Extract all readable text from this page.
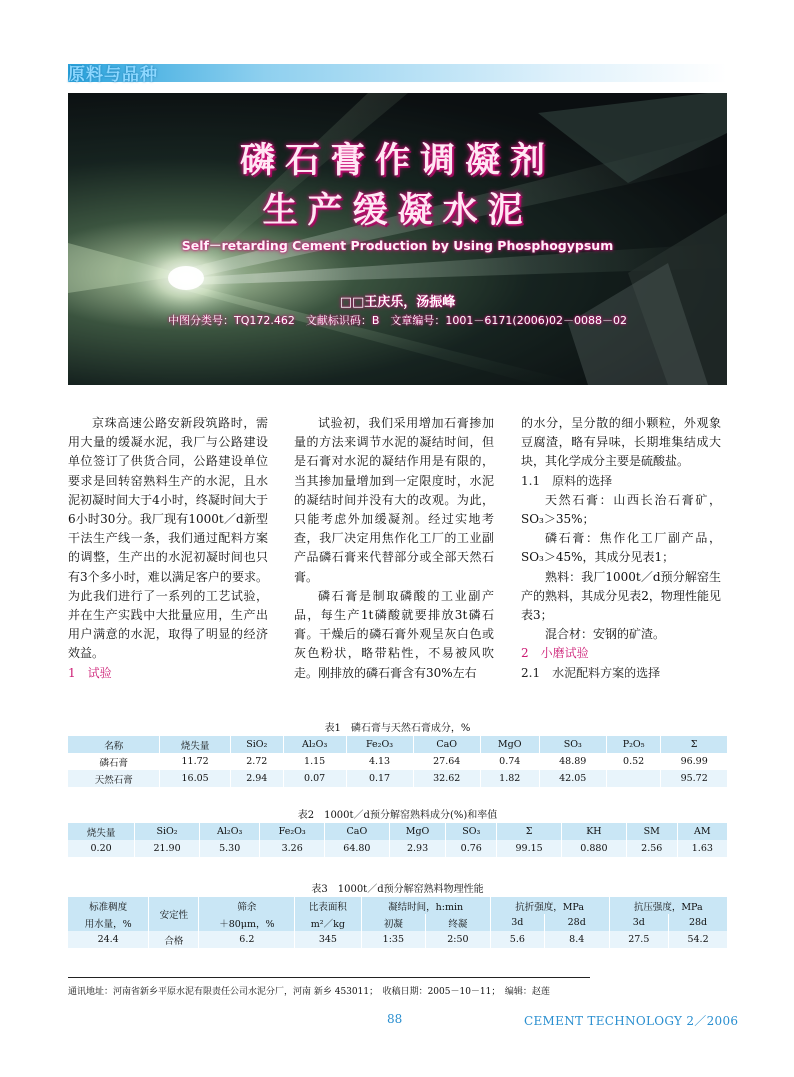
原料与品种
磷石膏作调凝剂
生产缓凝水泥
Self－retarding Cement Production by Using Phosphogypsum
□□王庆乐，汤振峰
中图分类号：TQ172.462　文献标识码：B　文章编号：1001－6171(2006)02－0088－02

京珠高速公路安新段筑路时，需用大量的缓凝水泥，我厂与公路建设单位签订了供货合同，公路建设单位要求是回转窑熟料生产的水泥，且水泥初凝时间大于4小时，终凝时间大于6小时30分。我厂现有1000t／d新型干法生产线一条，我们通过配料方案的调整，生产出的水泥初凝时间也只有3个多小时，难以满足客户的要求。为此我们进行了一系列的工艺试验，并在生产实践中大批量应用，生产出用户满意的水泥，取得了明显的经济效益。

1　试验

试验初，我们采用增加石膏掺加量的方法来调节水泥的凝结时间，但是石膏对水泥的凝结作用是有限的，当其掺加量增加到一定限度时，水泥的凝结时间并没有大的改观。为此，只能考虑外加缓凝剂。经过实地考查，我厂决定用焦作化工厂的工业副产品磷石膏来代替部分或全部天然石膏。

磷石膏是制取磷酸的工业副产品，每生产1t磷酸就要排放3t磷石膏。干燥后的磷石膏外观呈灰白色或灰色粉状，略带粘性，不易被风吹走。刚排放的磷石膏含有30%左右

的水分，呈分散的细小颗粒，外观象豆腐渣，略有异味，长期堆集结成大块，其化学成分主要是硫酸盐。

1.1　原料的选择

天然石膏：山西长治石膏矿，SO₃＞35%；

磷石膏：焦作化工厂副产品，SO₃＞45%，其成分见表1；

熟料：我厂1000t／d预分解窑生产的熟料，其成分见表2，物理性能见表3；

混合材：安钢的矿渣。

2　小磨试验

2.1　水泥配料方案的选择

表1　磷石膏与天然石膏成分，%
名称	烧失量	SiO₂	Al₂O₃	Fe₂O₃	CaO	MgO	SO₃	P₂O₅	Σ
磷石膏	11.72	2.72	1.15	4.13	27.64	0.74	48.89	0.52	96.99
天然石膏	16.05	2.94	0.07	0.17	32.62	1.82	42.05		95.72
表2　1000t／d预分解窑熟料成分(%)和率值
烧失量	SiO₂	Al₂O₃	Fe₂O₃	CaO	MgO	SO₃	Σ	KH	SM	AM
0.20	21.90	5.30	3.26	64.80	2.93	0.76	99.15	0.880	2.56	1.63
表3　1000t／d预分解窑熟料物理性能
标准稠度	安定性	筛余	比表面积	凝结时间，h:min		抗折强度，MPa		抗压强度，MPa	
用水量，%		＋80μm，%	m²／kg	初凝	终凝	3d	28d	3d	28d
24.4	合格	6.2	345	1:35	2:50	5.6	8.4	27.5	54.2
通讯地址：河南省新乡平原水泥有限责任公司水泥分厂，河南 新乡 453011；　收稿日期：2005－10－11；　编辑：赵莲
88	CEMENT TECHNOLOGY 2／2006
